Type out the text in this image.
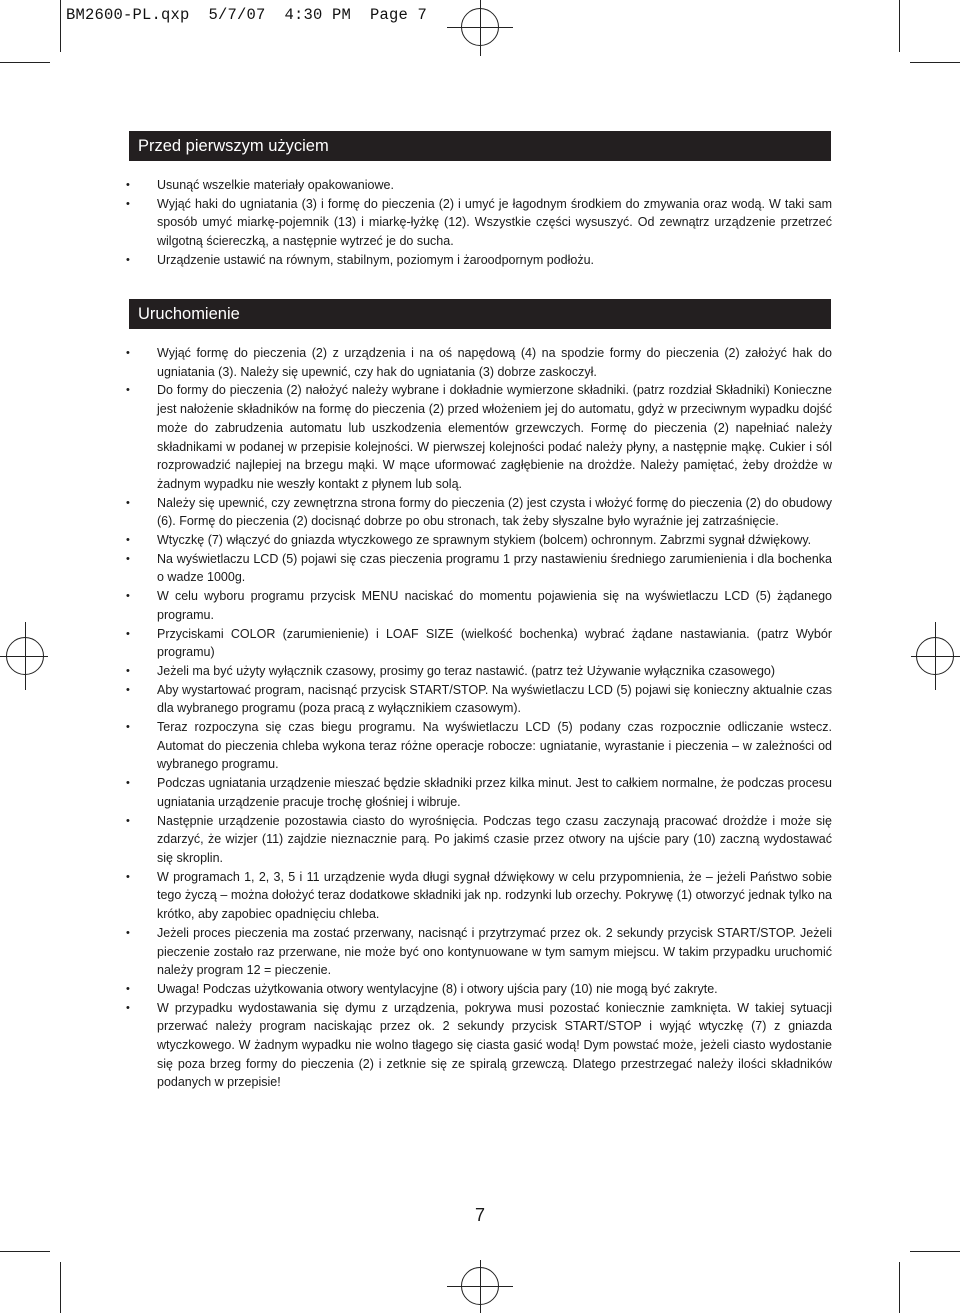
BM2600-PL.qxp  5/7/07  4:30 PM  Page 7
Przed pierwszym użyciem
• Usunąć wszelkie materiały opakowaniowe.
• Wyjąć haki do ugniatania (3) i formę do pieczenia (2) i umyć je łagodnym środkiem do zmywania oraz wodą. W taki sam sposób umyć miarkę-pojemnik (13) i miarkę-łyżkę (12). Wszystkie części wysuszyć. Od zewnątrz urządzenie przetrzeć wilgotną ściereczką, a następnie wytrzeć je do sucha.
• Urządzenie ustawić na równym, stabilnym, poziomym i żaroodpornym podłożu.
Uruchomienie
• Wyjąć formę do pieczenia (2) z urządzenia i na oś napędową (4) na spodzie formy do pieczenia (2) założyć hak do ugniatania (3). Należy się upewnić, czy hak do ugniatania (3) dobrze zaskoczył.
• Do formy do pieczenia (2) nałożyć należy wybrane i dokładnie wymierzone składniki. (patrz rozdział Składniki) Konieczne jest nałożenie składników na formę do pieczenia (2) przed włożeniem jej do automatu, gdyż w przeciwnym wypadku dojść może do zabrudzenia automatu lub uszkodzenia elementów grzewczych. Formę do pieczenia (2) napełniać należy składnikami w podanej w przepisie kolejności. W pierwszej kolejności podać należy płyny, a następnie mąkę. Cukier i sól rozprowadzić najlepiej na brzegu mąki. W mące uformować zagłębienie na drożdże. Należy pamiętać, żeby drożdże w żadnym wypadku nie weszły kontakt z płynem lub solą.
• Należy się upewnić, czy zewnętrzna strona formy do pieczenia (2) jest czysta i włożyć formę do pieczenia (2) do obudowy (6). Formę do pieczenia (2) docisnąć dobrze po obu stronach, tak żeby słyszalne było wyraźnie jej zatrzaśnięcie.
• Wtyczkę (7) włączyć do gniazda wtyczkowego ze sprawnym stykiem (bolcem) ochronnym. Zabrzmi sygnał dźwiękowy.
• Na wyświetlaczu LCD (5) pojawi się czas pieczenia programu 1 przy nastawieniu średniego zarumienienia i dla bochenka o wadze 1000g.
• W celu wyboru programu przycisk MENU naciskać do momentu pojawienia się na wyświetlaczu LCD (5) żądanego programu.
• Przyciskami COLOR (zarumienienie) i LOAF SIZE (wielkość bochenka) wybrać żądane nastawiania. (patrz Wybór programu)
• Jeżeli ma być użyty wyłącznik czasowy, prosimy go teraz nastawić. (patrz też Używanie wyłącznika czasowego)
• Aby wystartować program, nacisnąć przycisk START/STOP. Na wyświetlaczu LCD (5) pojawi się konieczny aktualnie czas dla wybranego programu (poza pracą z wyłącznikiem czasowym).
• Teraz rozpoczyna się czas biegu programu. Na wyświetlaczu LCD (5) podany czas rozpocznie odliczanie wstecz. Automat do pieczenia chleba wykona teraz różne operacje robocze: ugniatanie, wyrastanie i pieczenia – w zależności od wybranego programu.
• Podczas ugniatania urządzenie mieszać będzie składniki przez kilka minut. Jest to całkiem normalne, że podczas procesu ugniatania urządzenie pracuje trochę głośniej i wibruje.
• Następnie urządzenie pozostawia ciasto do wyrośnięcia. Podczas tego czasu zaczynają pracować drożdże i może się zdarzyć, że wizjer (11) zajdzie nieznacznie parą. Po jakimś czasie przez otwory na ujście pary (10) zaczną wydostawać się skroplin.
• W programach 1, 2, 3, 5 i 11 urządzenie wyda długi sygnał dźwiękowy w celu przypomnienia, że – jeżeli Państwo sobie tego życzą – można dołożyć teraz dodatkowe składniki jak np. rodzynki lub orzechy. Pokrywę (1) otworzyć jednak tylko na krótko, aby zapobiec opadnięciu chleba.
• Jeżeli proces pieczenia ma zostać przerwany, nacisnąć i przytrzymać przez ok. 2 sekundy przycisk START/STOP. Jeżeli pieczenie zostało raz przerwane, nie może być ono kontynuowane w tym samym miejscu. W takim przypadku uruchomić należy program 12 = pieczenie.
• Uwaga! Podczas użytkowania otwory wentylacyjne (8) i otwory ujścia pary (10) nie mogą być zakryte.
• W przypadku wydostawania się dymu z urządzenia, pokrywa musi pozostać koniecznie zamknięta. W takiej sytuacji przerwać należy program naciskając przez ok. 2 sekundy przycisk START/STOP i wyjąć wtyczkę (7) z gniazda wtyczkowego. W żadnym wypadku nie wolno tłagego się ciasta gasić wodą! Dym powstać może, jeżeli ciasto wydostanie się poza brzeg formy do pieczenia (2) i zetknie się ze spiralą grzewczą. Dlatego przestrzegać należy ilości składników podanych w przepisie!
7
